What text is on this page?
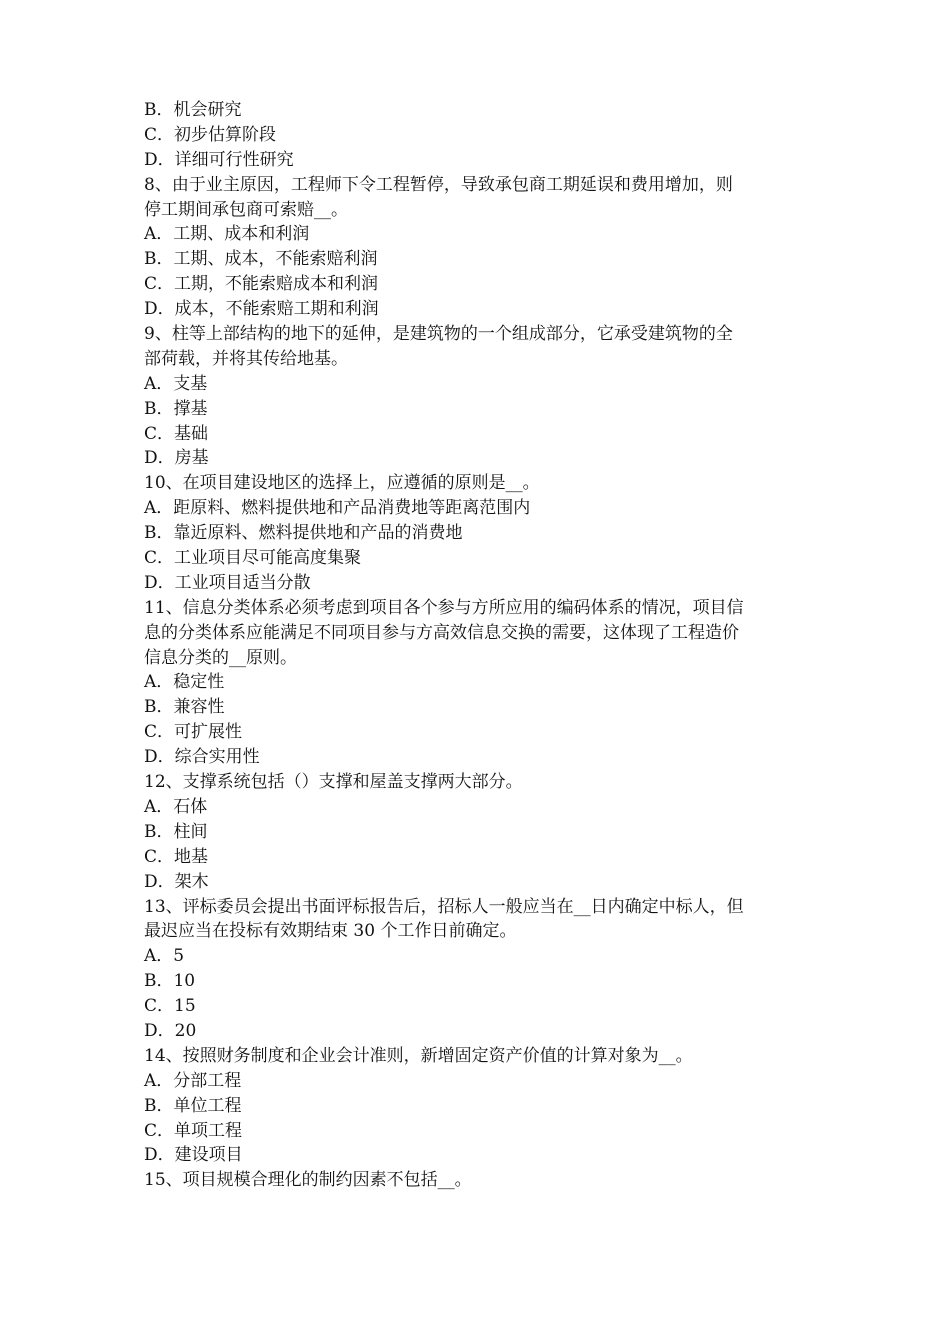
B．机会研究
C．初步估算阶段
D．详细可行性研究
8、由于业主原因，工程师下令工程暂停，导致承包商工期延误和费用增加，则
停工期间承包商可索赔__。
A．工期、成本和利润
B．工期、成本，不能索赔利润
C．工期，不能索赔成本和利润
D．成本，不能索赔工期和利润
9、柱等上部结构的地下的延伸，是建筑物的一个组成部分，它承受建筑物的全
部荷载，并将其传给地基。
A．支基
B．撑基
C．基础
D．房基
10、在项目建设地区的选择上，应遵循的原则是__。
A．距原料、燃料提供地和产品消费地等距离范围内
B．靠近原料、燃料提供地和产品的消费地
C．工业项目尽可能高度集聚
D．工业项目适当分散
11、信息分类体系必须考虑到项目各个参与方所应用的编码体系的情况，项目信
息的分类体系应能满足不同项目参与方高效信息交换的需要，这体现了工程造价
信息分类的__原则。
A．稳定性
B．兼容性
C．可扩展性
D．综合实用性
12、支撑系统包括（）支撑和屋盖支撑两大部分。
A．石体
B．柱间
C．地基
D．架木
13、评标委员会提出书面评标报告后，招标人一般应当在__日内确定中标人，但
最迟应当在投标有效期结束 30 个工作日前确定。
A．5
B．10
C．15
D．20
14、按照财务制度和企业会计准则，新增固定资产价值的计算对象为__。
A．分部工程
B．单位工程
C．单项工程
D．建设项目
15、项目规模合理化的制约因素不包括__。
